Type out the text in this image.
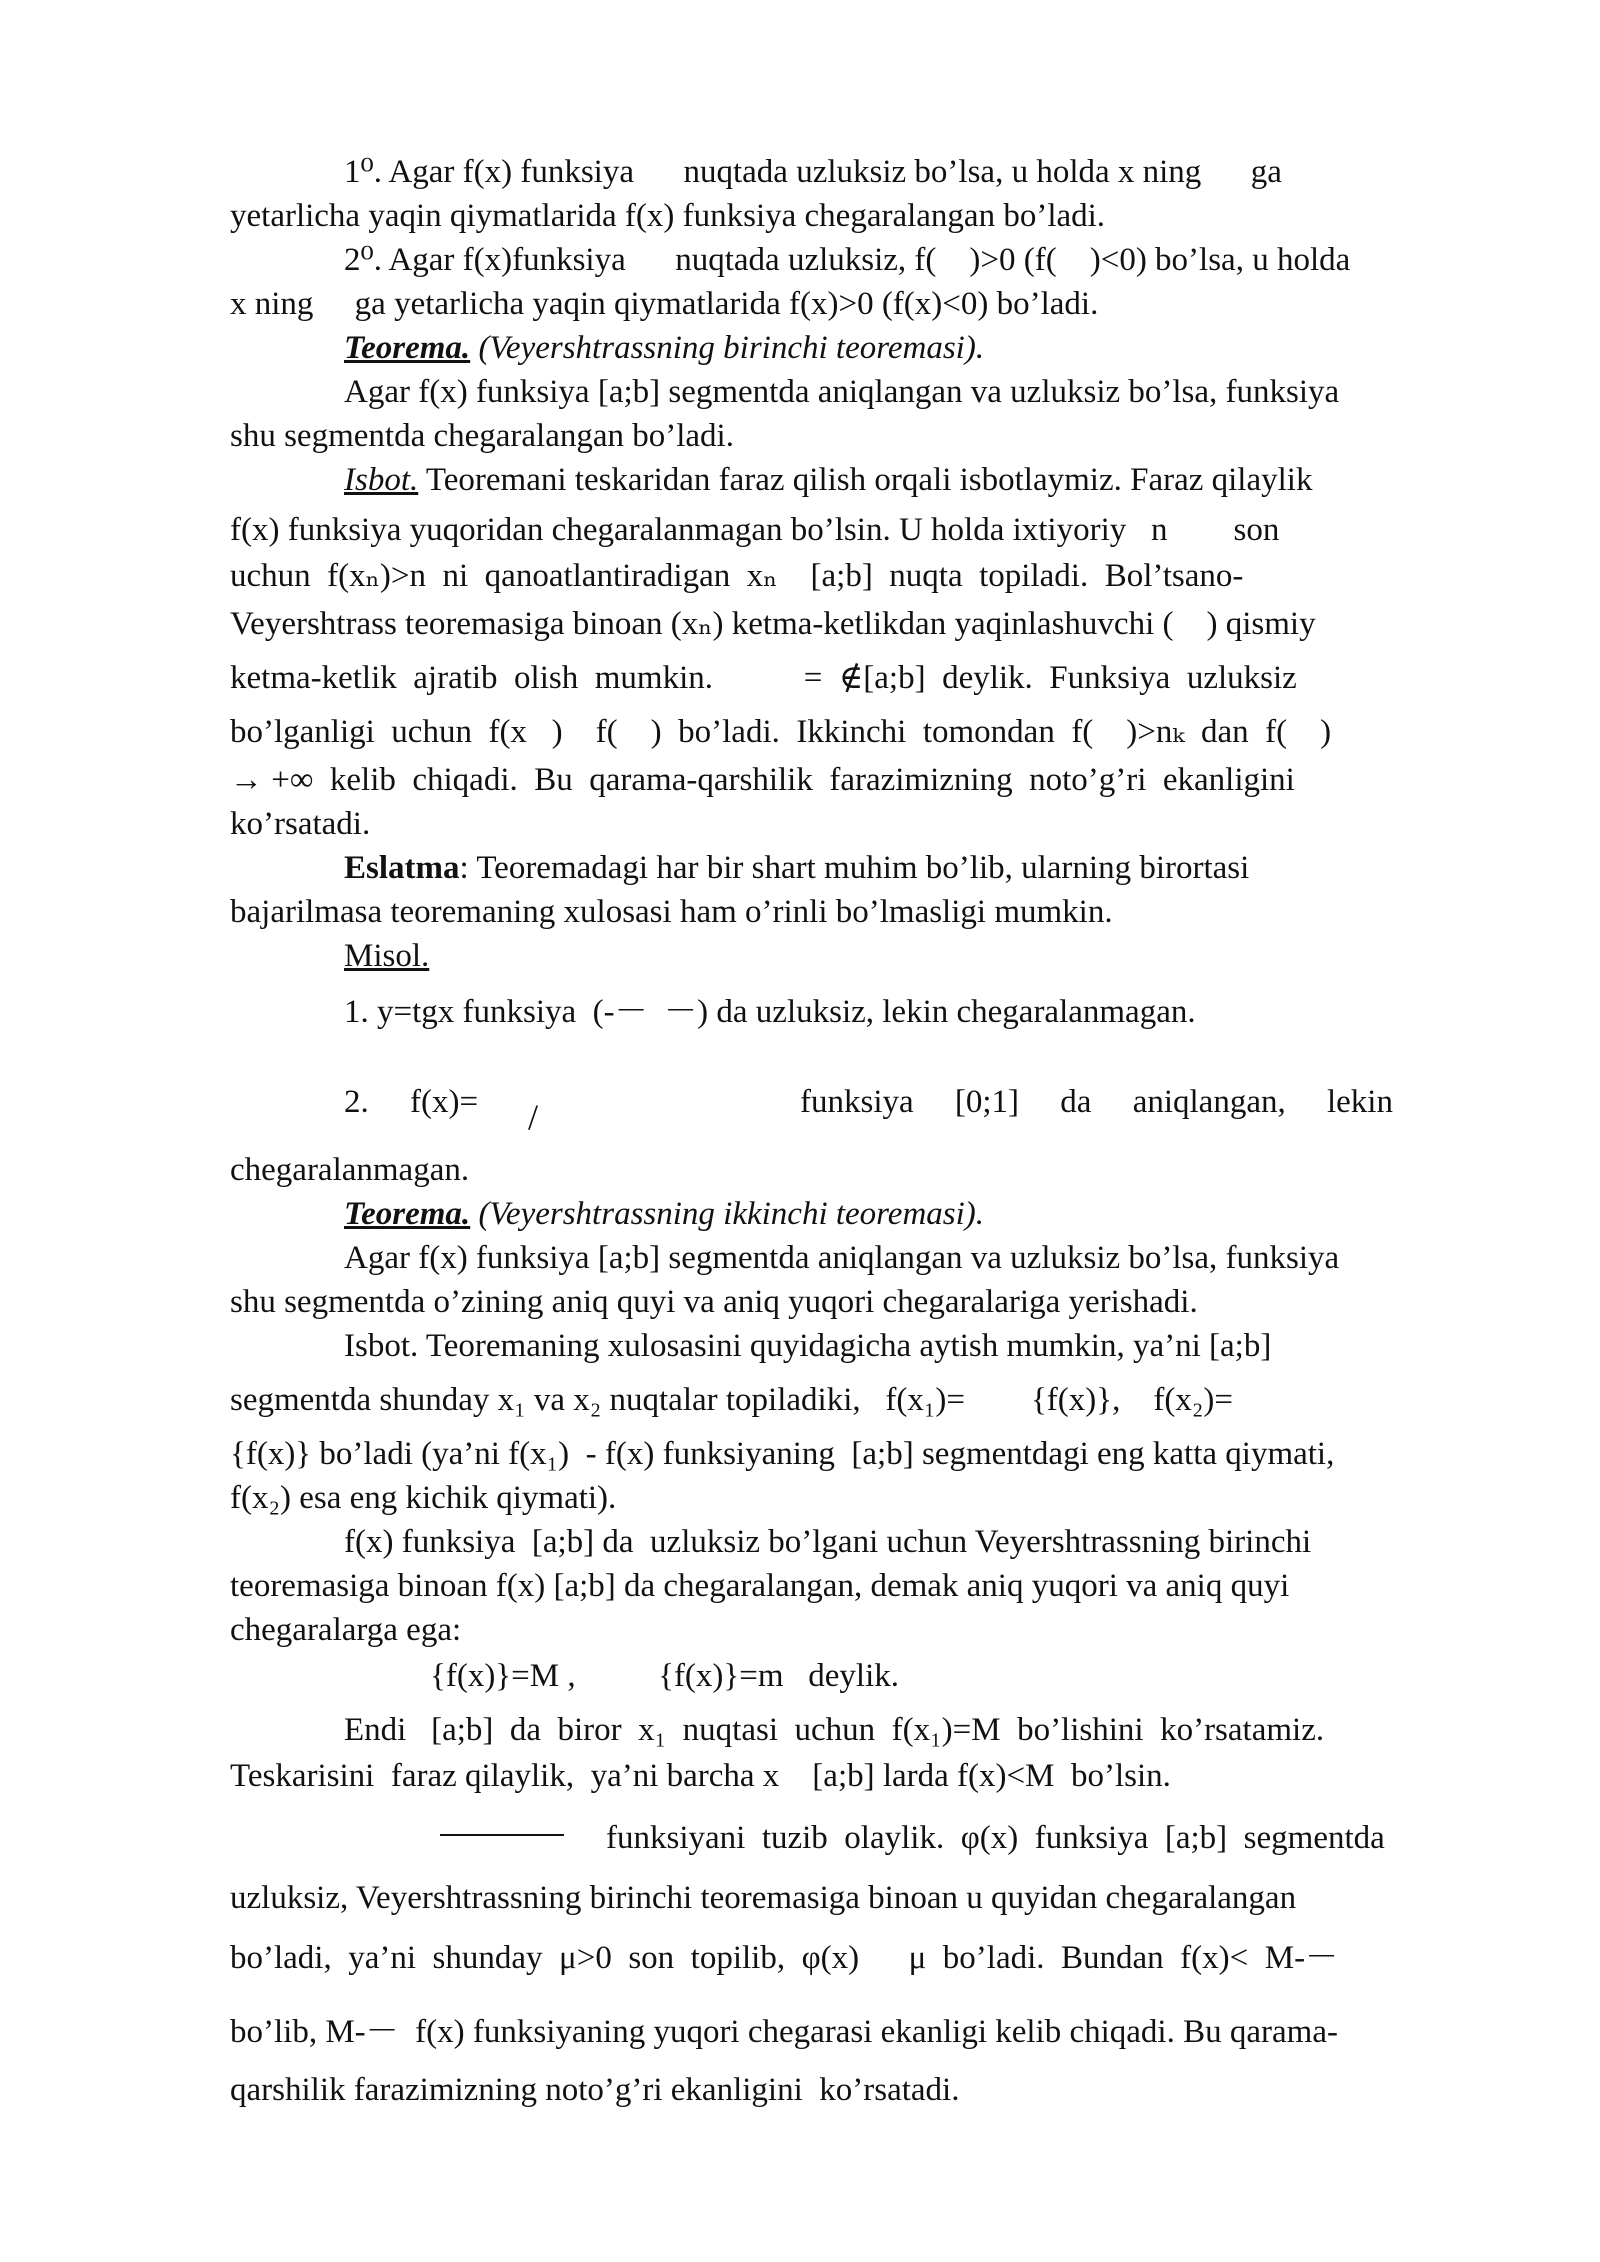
1⁰. Agar f(x) funksiya      nuqtada uzluksiz bo’lsa, u holda x ning      ga
yetarlicha yaqin qiymatlarida f(x) funksiya chegaralangan bo’ladi.
2⁰. Agar f(x)funksiya      nuqtada uzluksiz, f(    )>0 (f(    )<0) bo’lsa, u holda
x ning     ga yetarlicha yaqin qiymatlarida f(x)>0 (f(x)<0) bo’ladi.
Teorema. (Veyershtrassning birinchi teoremasi).
Agar f(x) funksiya [a;b] segmentda aniqlangan va uzluksiz bo’lsa, funksiya
shu segmentda chegaralangan bo’ladi.
Isbot. Teoremani teskaridan faraz qilish orqali isbotlaymiz. Faraz qilaylik
f(x) funksiya yuqoridan chegaralanmagan bo’lsin. U holda ixtiyoriy   n        son
uchun  f(xₙ)>n  ni  qanoatlantiradigan  xₙ    [a;b]  nuqta  topiladi.  Bol’tsano-
Veyershtrass teoremasiga binoan (xₙ) ketma-ketlikdan yaqinlashuvchi (    ) qismiy
ketma-ketlik  ajratib  olish  mumkin.           =  ∉[a;b]  deylik.  Funksiya  uzluksiz
bo’lganligi  uchun  f(x   )    f(    )  bo’ladi.  Ikkinchi  tomondan  f(    )>nₖ  dan  f(    )
→ +∞  kelib  chiqadi.  Bu  qarama-qarshilik  farazimizning  noto’g’ri  ekanligini
ko’rsatadi.
Eslatma: Teoremadagi har bir shart muhim bo’lib, ularning birortasi
bajarilmasa teoremaning xulosasi ham o’rinli bo’lmasligi mumkin.
Misol.
1. y=tgx funksiya  (-－  －) da uzluksiz, lekin chegaralanmagan.
2.     f(x)= /	funksiya     [0;1]     da     aniqlangan,     lekin
chegaralanmagan.
Teorema. (Veyershtrassning ikkinchi teoremasi).
Agar f(x) funksiya [a;b] segmentda aniqlangan va uzluksiz bo’lsa, funksiya
shu segmentda o’zining aniq quyi va aniq yuqori chegaralariga yerishadi.
Isbot. Teoremaning xulosasini quyidagicha aytish mumkin, ya’ni [a;b]
segmentda shunday x₁ va x₂ nuqtalar topiladiki,   f(x₁)=        {f(x)},    f(x₂)=
{f(x)} bo’ladi (ya’ni f(x₁)  - f(x) funksiyaning  [a;b] segmentdagi eng katta qiymati,
f(x₂) esa eng kichik qiymati).
f(x) funksiya  [a;b] da  uzluksiz bo’lgani uchun Veyershtrassning birinchi
teoremasiga binoan f(x) [a;b] da chegaralangan, demak aniq yuqori va aniq quyi
chegaralarga ega:
{f(x)}=M ,          {f(x)}=m   deylik.
Endi   [a;b]  da  biror  x₁  nuqtasi  uchun  f(x₁)=M  bo’lishini  ko’rsatamiz.
Teskarisini  faraz qilaylik,  ya’ni barcha x    [a;b] larda f(x)<M  bo’lsin.
funksiyani  tuzib  olaylik.  φ(x)  funksiya  [a;b]  segmentda
uzluksiz, Veyershtrassning birinchi teoremasiga binoan u quyidan chegaralangan
bo’ladi,  ya’ni  shunday  μ>0  son  topilib,  φ(x)      μ  bo’ladi.  Bundan  f(x)<  M-－
bo’lib, M-－  f(x) funksiyaning yuqori chegarasi ekanligi kelib chiqadi. Bu qarama-
qarshilik farazimizning noto’g’ri ekanligini  ko’rsatadi.
